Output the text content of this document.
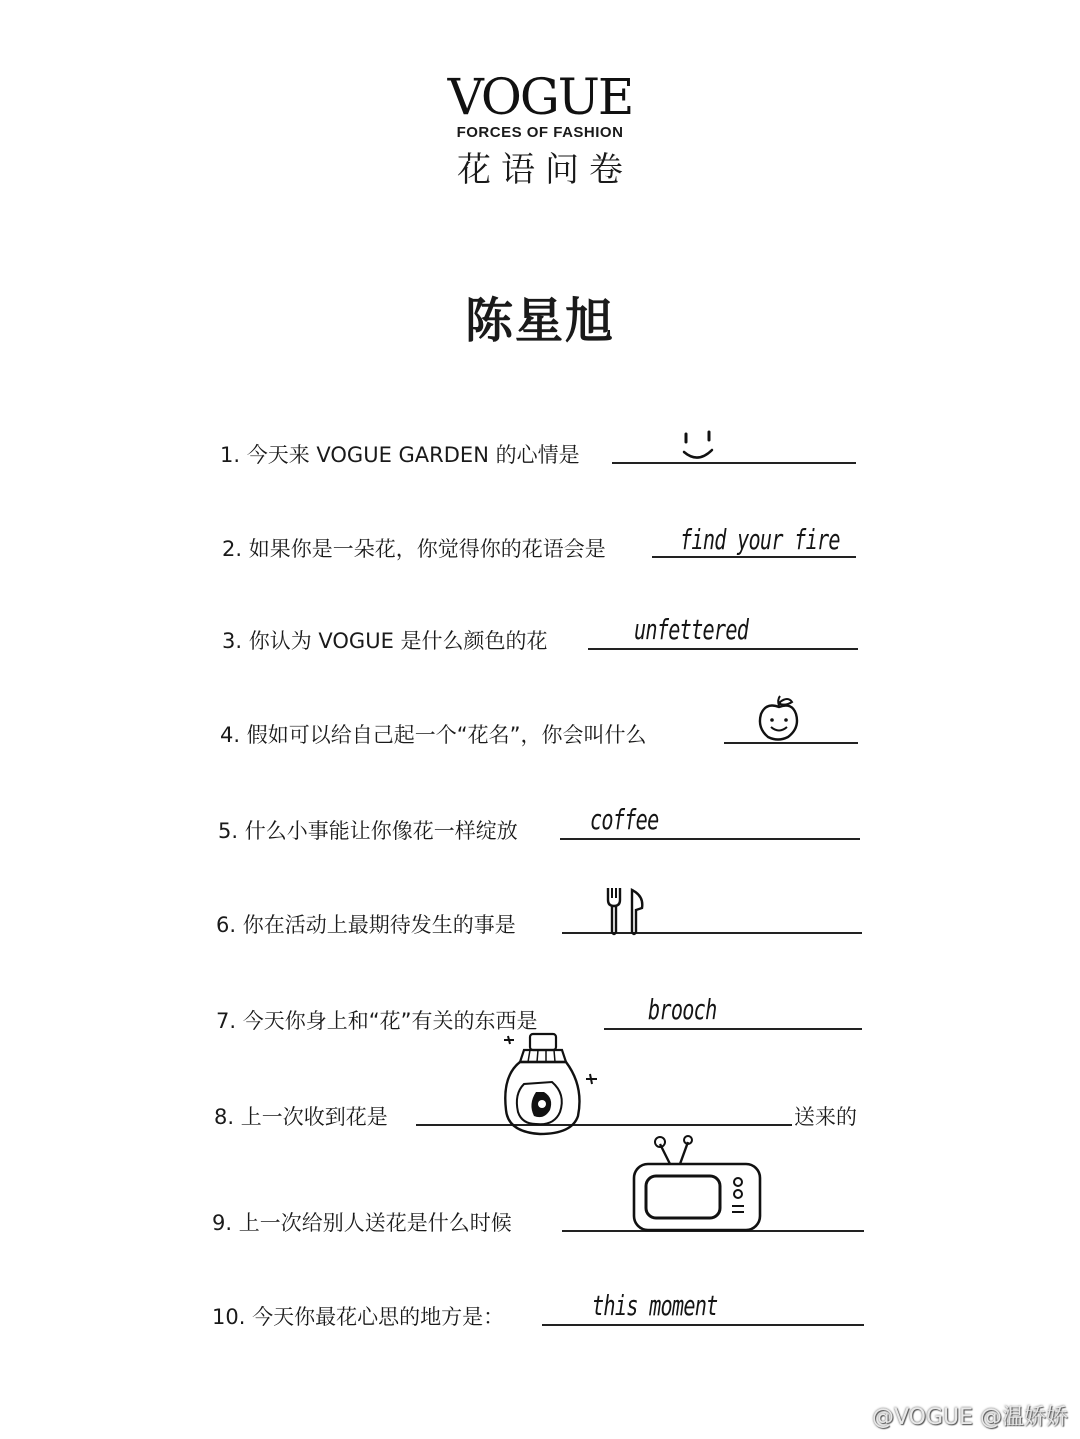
VOGUE
FORCES OF FASHION
花语问卷
陈星旭
1. 今天来 VOGUE GARDEN 的心情是
2. 如果你是一朵花，你觉得你的花语会是	find your fire
3. 你认为 VOGUE 是什么颜色的花	unfettered
4. 假如可以给自己起一个“花名”，你会叫什么
5. 什么小事能让你像花一样绽放	coffee
6. 你在活动上最期待发生的事是
7. 今天你身上和“花”有关的东西是	brooch
8. 上一次收到花是	送来的
9. 上一次给别人送花是什么时候
10. 今天你最花心思的地方是：	this moment
@VOGUE @温娇娇
